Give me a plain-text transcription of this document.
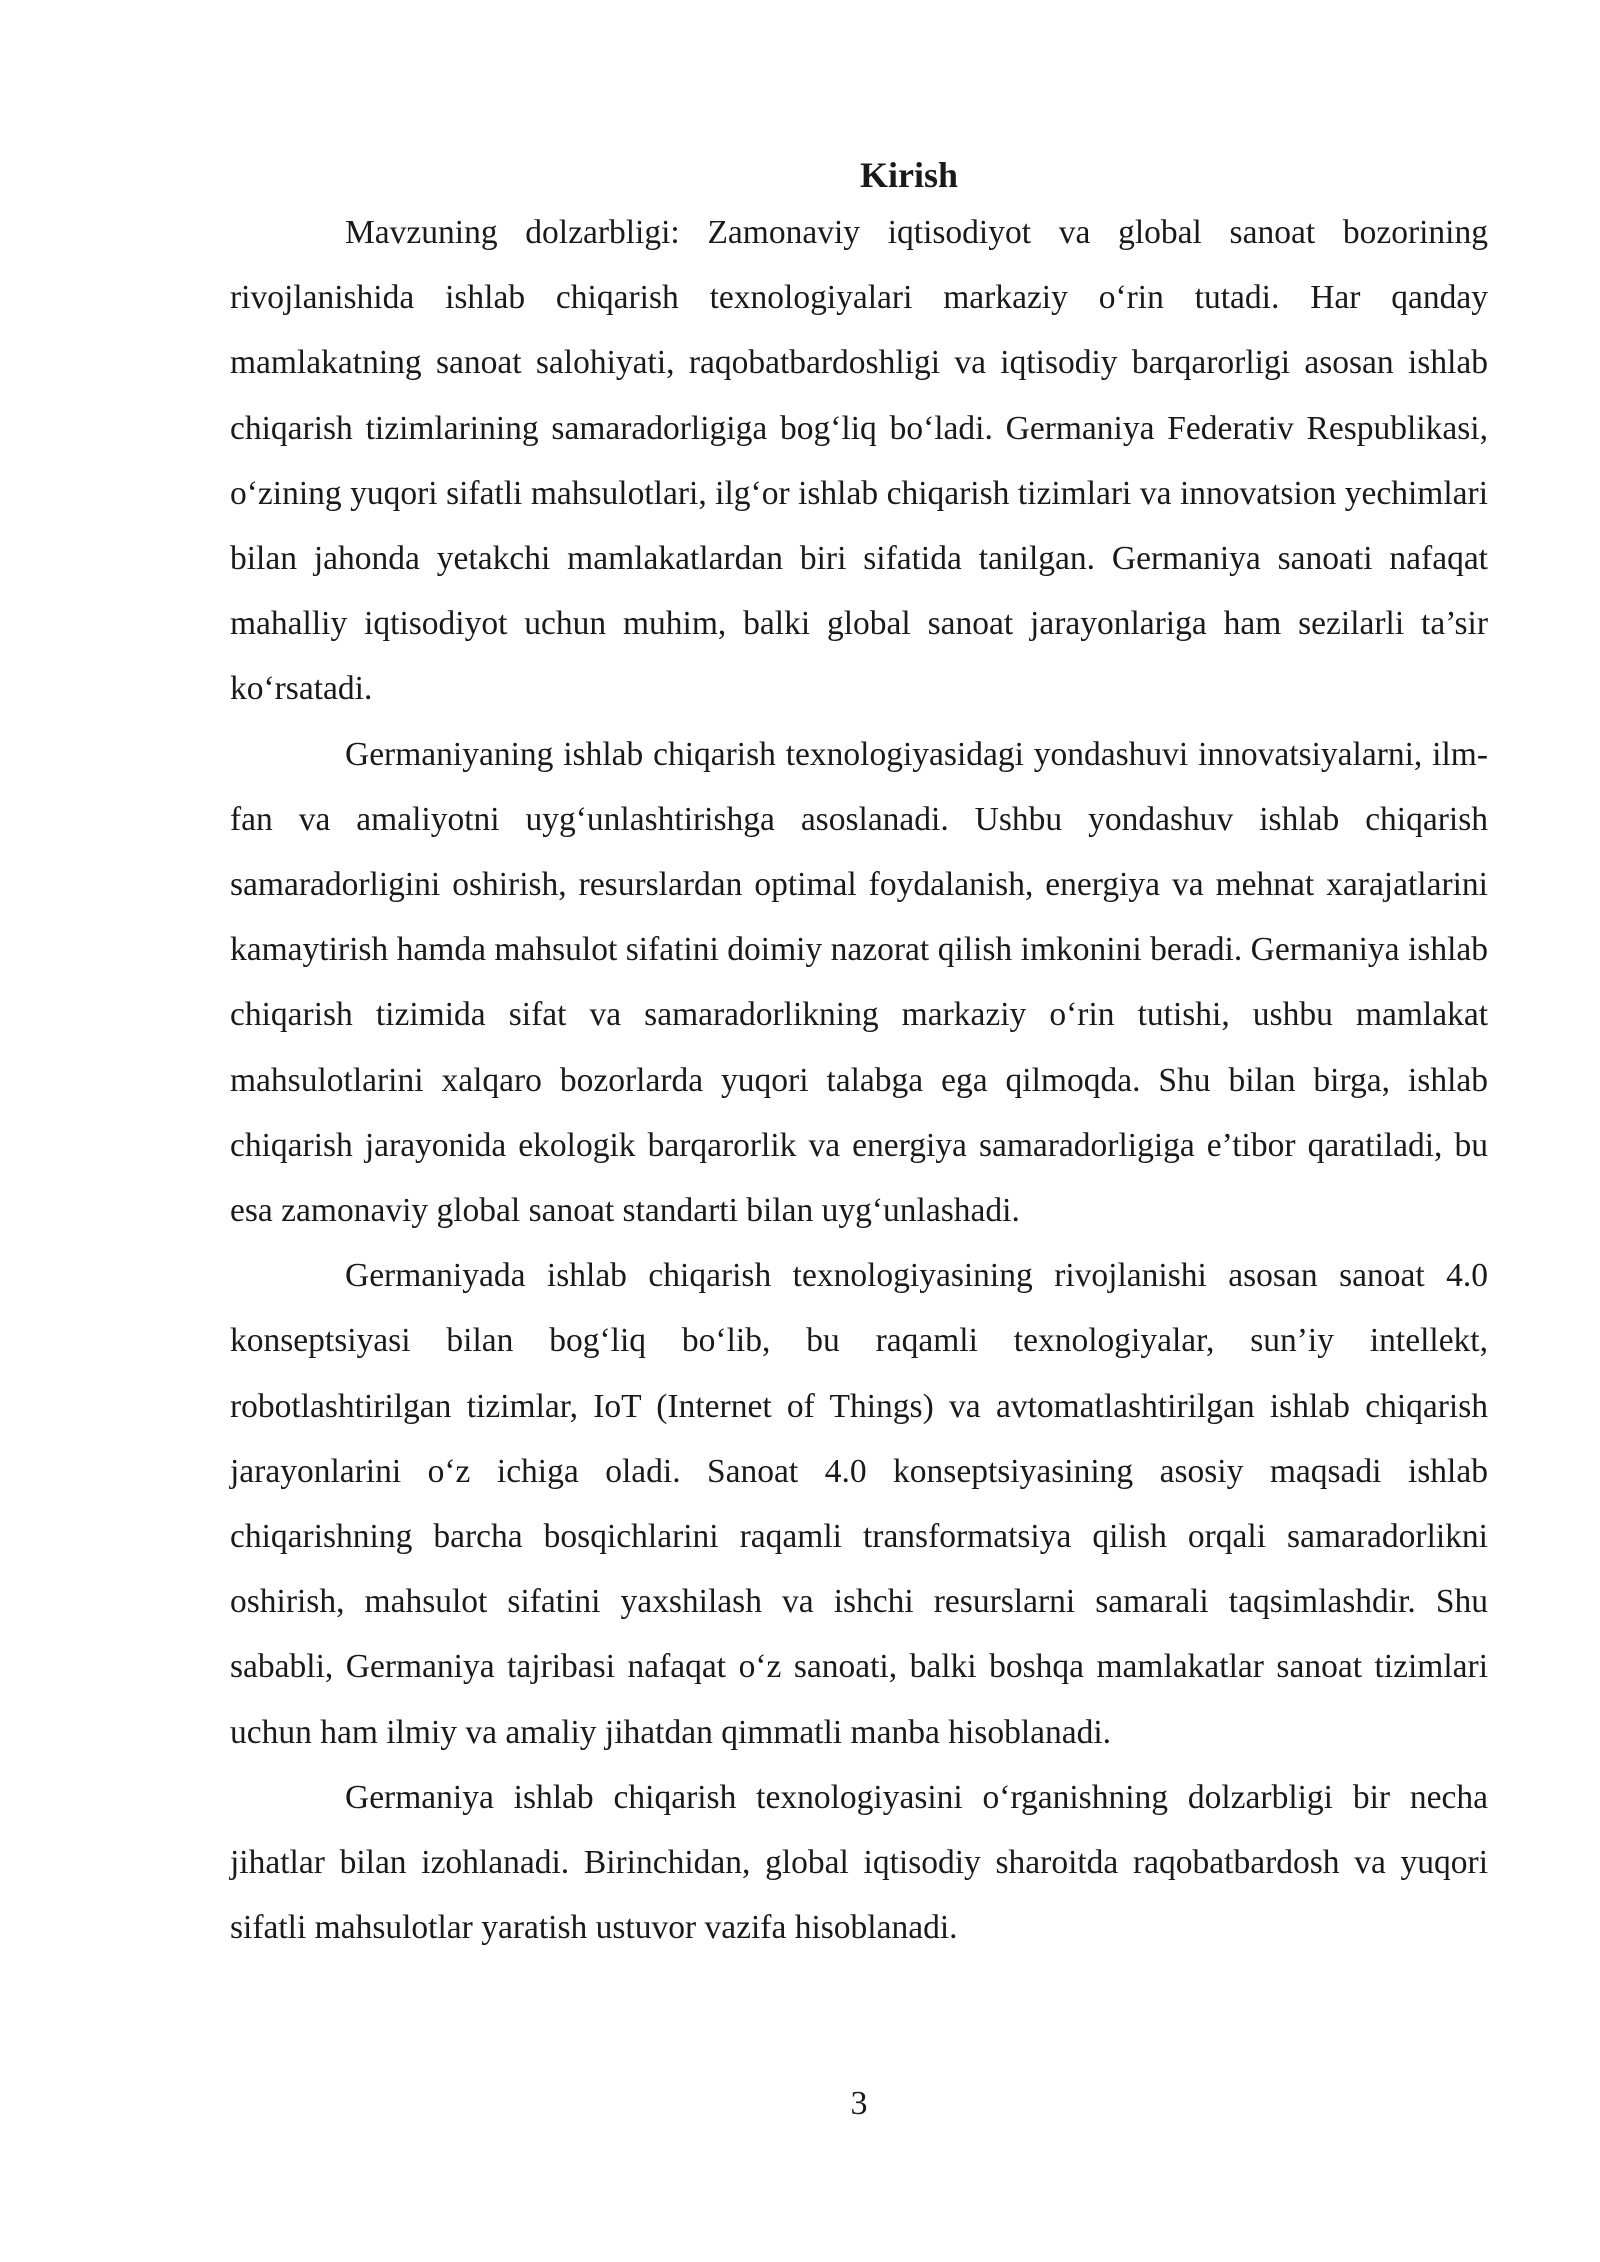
Kirish

Mavzuning dolzarbligi: Zamonaviy iqtisodiyot va global sanoat bozorining rivojlanishida ishlab chiqarish texnologiyalari markaziy o‘rin tutadi. Har qanday mamlakatning sanoat salohiyati, raqobatbardoshligi va iqtisodiy barqarorligi asosan ishlab chiqarish tizimlarining samaradorligiga bog‘liq bo‘ladi. Germaniya Federativ Respublikasi, o‘zining yuqori sifatli mahsulotlari, ilg‘or ishlab chiqarish tizimlari va innovatsion yechimlari bilan jahonda yetakchi mamlakatlardan biri sifatida tanilgan. Germaniya sanoati nafaqat mahalliy iqtisodiyot uchun muhim, balki global sanoat jarayonlariga ham sezilarli ta’sir ko‘rsatadi.

Germaniyaning ishlab chiqarish texnologiyasidagi yondashuvi innovatsiyalarni, ilm-fan va amaliyotni uyg‘unlashtirishga asoslanadi. Ushbu yondashuv ishlab chiqarish samaradorligini oshirish, resurslardan optimal foydalanish, energiya va mehnat xarajatlarini kamaytirish hamda mahsulot sifatini doimiy nazorat qilish imkonini beradi. Germaniya ishlab chiqarish tizimida sifat va samaradorlikning markaziy o‘rin tutishi, ushbu mamlakat mahsulotlarini xalqaro bozorlarda yuqori talabga ega qilmoqda. Shu bilan birga, ishlab chiqarish jarayonida ekologik barqarorlik va energiya samaradorligiga e’tibor qaratiladi, bu esa zamonaviy global sanoat standarti bilan uyg‘unlashadi.

Germaniyada ishlab chiqarish texnologiyasining rivojlanishi asosan sanoat 4.0 konseptsiyasi bilan bog‘liq bo‘lib, bu raqamli texnologiyalar, sun’iy intellekt, robotlashtirilgan tizimlar, IoT (Internet of Things) va avtomatlashtirilgan ishlab chiqarish jarayonlarini o‘z ichiga oladi. Sanoat 4.0 konseptsiyasining asosiy maqsadi ishlab chiqarishning barcha bosqichlarini raqamli transformatsiya qilish orqali samaradorlikni oshirish, mahsulot sifatini yaxshilash va ishchi resurslarni samarali taqsimlashdir. Shu sababli, Germaniya tajribasi nafaqat o‘z sanoati, balki boshqa mamlakatlar sanoat tizimlari uchun ham ilmiy va amaliy jihatdan qimmatli manba hisoblanadi.

Germaniya ishlab chiqarish texnologiyasini o‘rganishning dolzarbligi bir necha jihatlar bilan izohlanadi. Birinchidan, global iqtisodiy sharoitda raqobatbardosh va yuqori sifatli mahsulotlar yaratish ustuvor vazifa hisoblanadi.

3
